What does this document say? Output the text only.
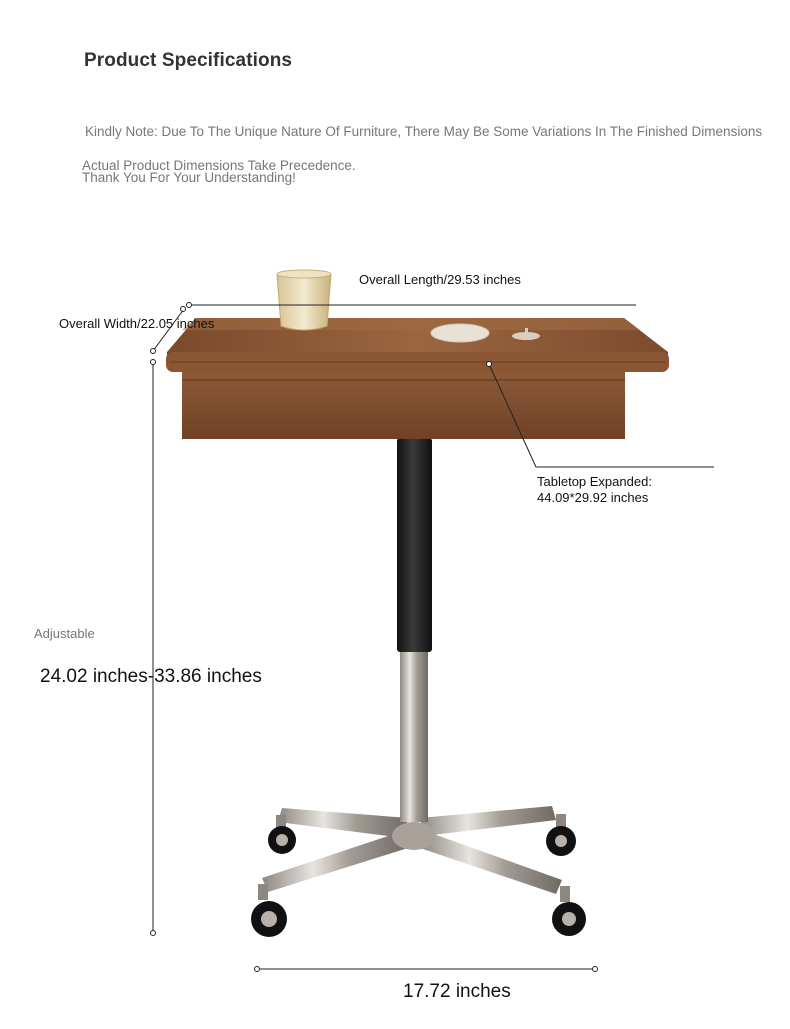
Product Specifications
Kindly Note: Due To The Unique Nature Of Furniture, There May Be Some Variations In The Finished Dimensions
Actual Product Dimensions Take Precedence.
Thank You For Your Understanding!
Overall Length/29.53 inches
Overall Width/22.05 inches
Tabletop Expanded:
44.09*29.92 inches
Adjustable
24.02 inches-33.86 inches
17.72 inches
